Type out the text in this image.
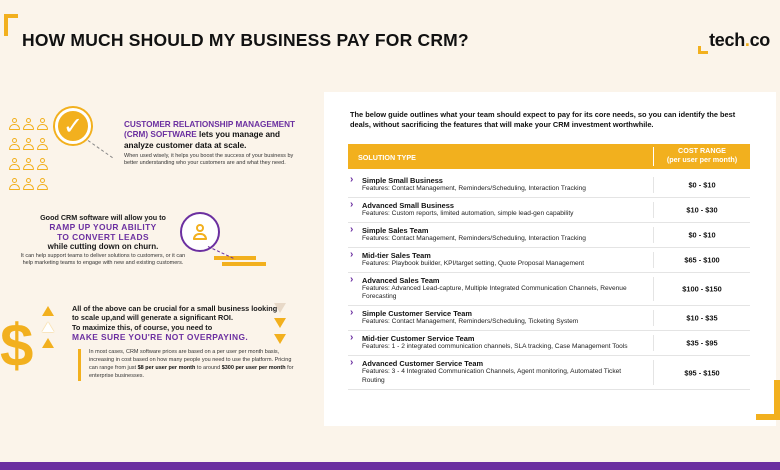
HOW MUCH SHOULD MY BUSINESS PAY FOR CRM?	tech.co

✓	CUSTOMER RELATIONSHIP MANAGEMENT (CRM) SOFTWARE lets you manage and analyze customer data at scale.
When used wisely, it helps you boost the success of your business by better understanding who your customers are and what they need.
Good CRM software will allow you to
RAMP UP YOUR ABILITY
TO CONVERT LEADS
while cutting down on churn.
It can help support teams to deliver solutions to customers, or it can help marketing teams to engage with new and existing customers.
$
All of the above can be crucial for a small business looking to scale up,and will generate a significant ROI.
To maximize this, of course, you need to
MAKE SURE YOU'RE NOT OVERPAYING.
In most cases, CRM software prices are based on a per user per month basis, increasing in cost based on how many people you need to use the platform. Pricing can range from just $8 per user per month to around $300 per user per month for enterprise businesses.
The below guide outlines what your team should expect to pay for its core needs, so you can identify the best deals, without sacrificing the features that will make your CRM investment worthwhile.
SOLUTION TYPE
COST RANGE
(per user per month)
› Simple Small Business
Features: Contact Management, Reminders/Scheduling, Interaction Tracking	$0 - $10
› Advanced Small Business
Features: Custom reports, limited automation, simple lead-gen capability	$10 - $30
› Simple Sales Team
Features: Contact Management, Reminders/Scheduling, Interaction Tracking	$0 - $10
› Mid-tier Sales Team
Features: Playbook builder, KPI/target setting, Quote Proposal Management	$65 - $100
› Advanced Sales Team
Features: Advanced Lead-capture, Multiple Integrated Communication Channels, Revenue Forecasting
$100 - $150
› Simple Customer Service Team
Features: Contact Management, Reminders/Scheduling, Ticketing System	$10 - $35
› Mid-tier Customer Service Team
Features: 1 - 2 integrated communication channels, SLA tracking, Case Management Tools	$35 - $95
› Advanced Customer Service Team
Features: 3 - 4 Integrated Communication Channels, Agent monitoring, Automated Ticket Routing
$95 - $150
